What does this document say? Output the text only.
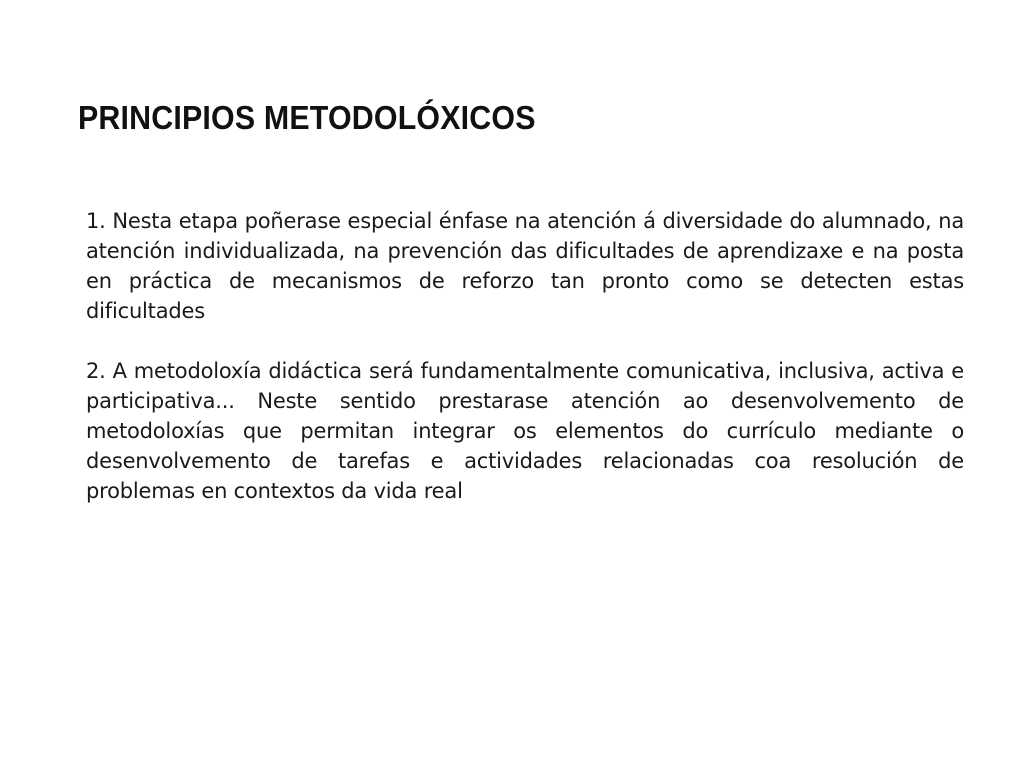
PRINCIPIOS METODOLÓXICOS

1. Nesta etapa poñerase especial énfase na atención á diversidade do alumnado, na atención individualizada, na prevención das dificultades de aprendizaxe e na posta en práctica de mecanismos de reforzo tan pronto como se detecten estas dificultades

2. A metodoloxía didáctica será fundamentalmente comunicativa, inclusiva, activa e participativa... Neste sentido prestarase atención ao desenvolvemento de metodoloxías que permitan integrar os elementos do currículo mediante o desenvolvemento de tarefas e actividades relacionadas coa resolución de problemas en contextos da vida real
